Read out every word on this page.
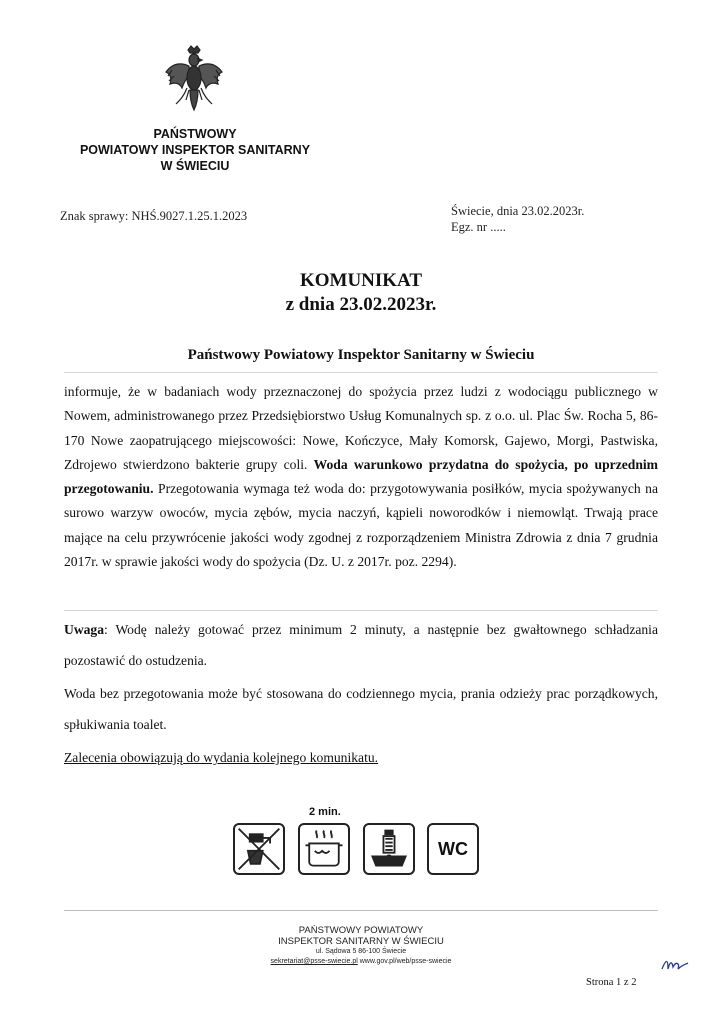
PAŃSTWOWY
POWIATOWY INSPEKTOR SANITARNY
W ŚWIECIU
Znak sprawy: NHŚ.9027.1.25.1.2023	Świecie, dnia 23.02.2023r.
Egz. nr .....
KOMUNIKAT
z dnia 23.02.2023r.
Państwowy Powiatowy Inspektor Sanitarny w Świeciu
informuje, że w badaniach wody przeznaczonej do spożycia przez ludzi z wodociągu publicznego w Nowem, administrowanego przez Przedsiębiorstwo Usług Komunalnych sp. z o.o. ul. Plac Św. Rocha 5, 86-170 Nowe zaopatrującego miejscowości: Nowe, Kończyce, Mały Komorsk, Gajewo, Morgi, Pastwiska, Zdrojewo stwierdzono bakterie grupy coli. Woda warunkowo przydatna do spożycia, po uprzednim przegotowaniu. Przegotowania wymaga też woda do: przygotowywania posiłków, mycia spożywanych na surowo warzyw owoców, mycia zębów, mycia naczyń, kąpieli noworodków i niemowląt. Trwają prace mające na celu przywrócenie jakości wody zgodnej z rozporządzeniem Ministra Zdrowia z dnia 7 grudnia 2017r. w sprawie jakości wody do spożycia (Dz. U. z 2017r. poz. 2294).
Uwaga: Wodę należy gotować przez minimum 2 minuty, a następnie bez gwałtownego schładzania pozostawić do ostudzenia.
Woda bez przegotowania może być stosowana do codziennego mycia, prania odzieży prac porządkowych, spłukiwania toalet.
Zalecenia obowiązują do wydania kolejnego komunikatu.
2 min.
WC
PAŃSTWOWY POWIATOWY
INSPEKTOR SANITARNY W ŚWIECIU
ul. Sądowa 5 86-100 Świecie
sekretariat@psse-swiecie.pl www.gov.pl/web/psse-swiecie
Strona 1 z 2
